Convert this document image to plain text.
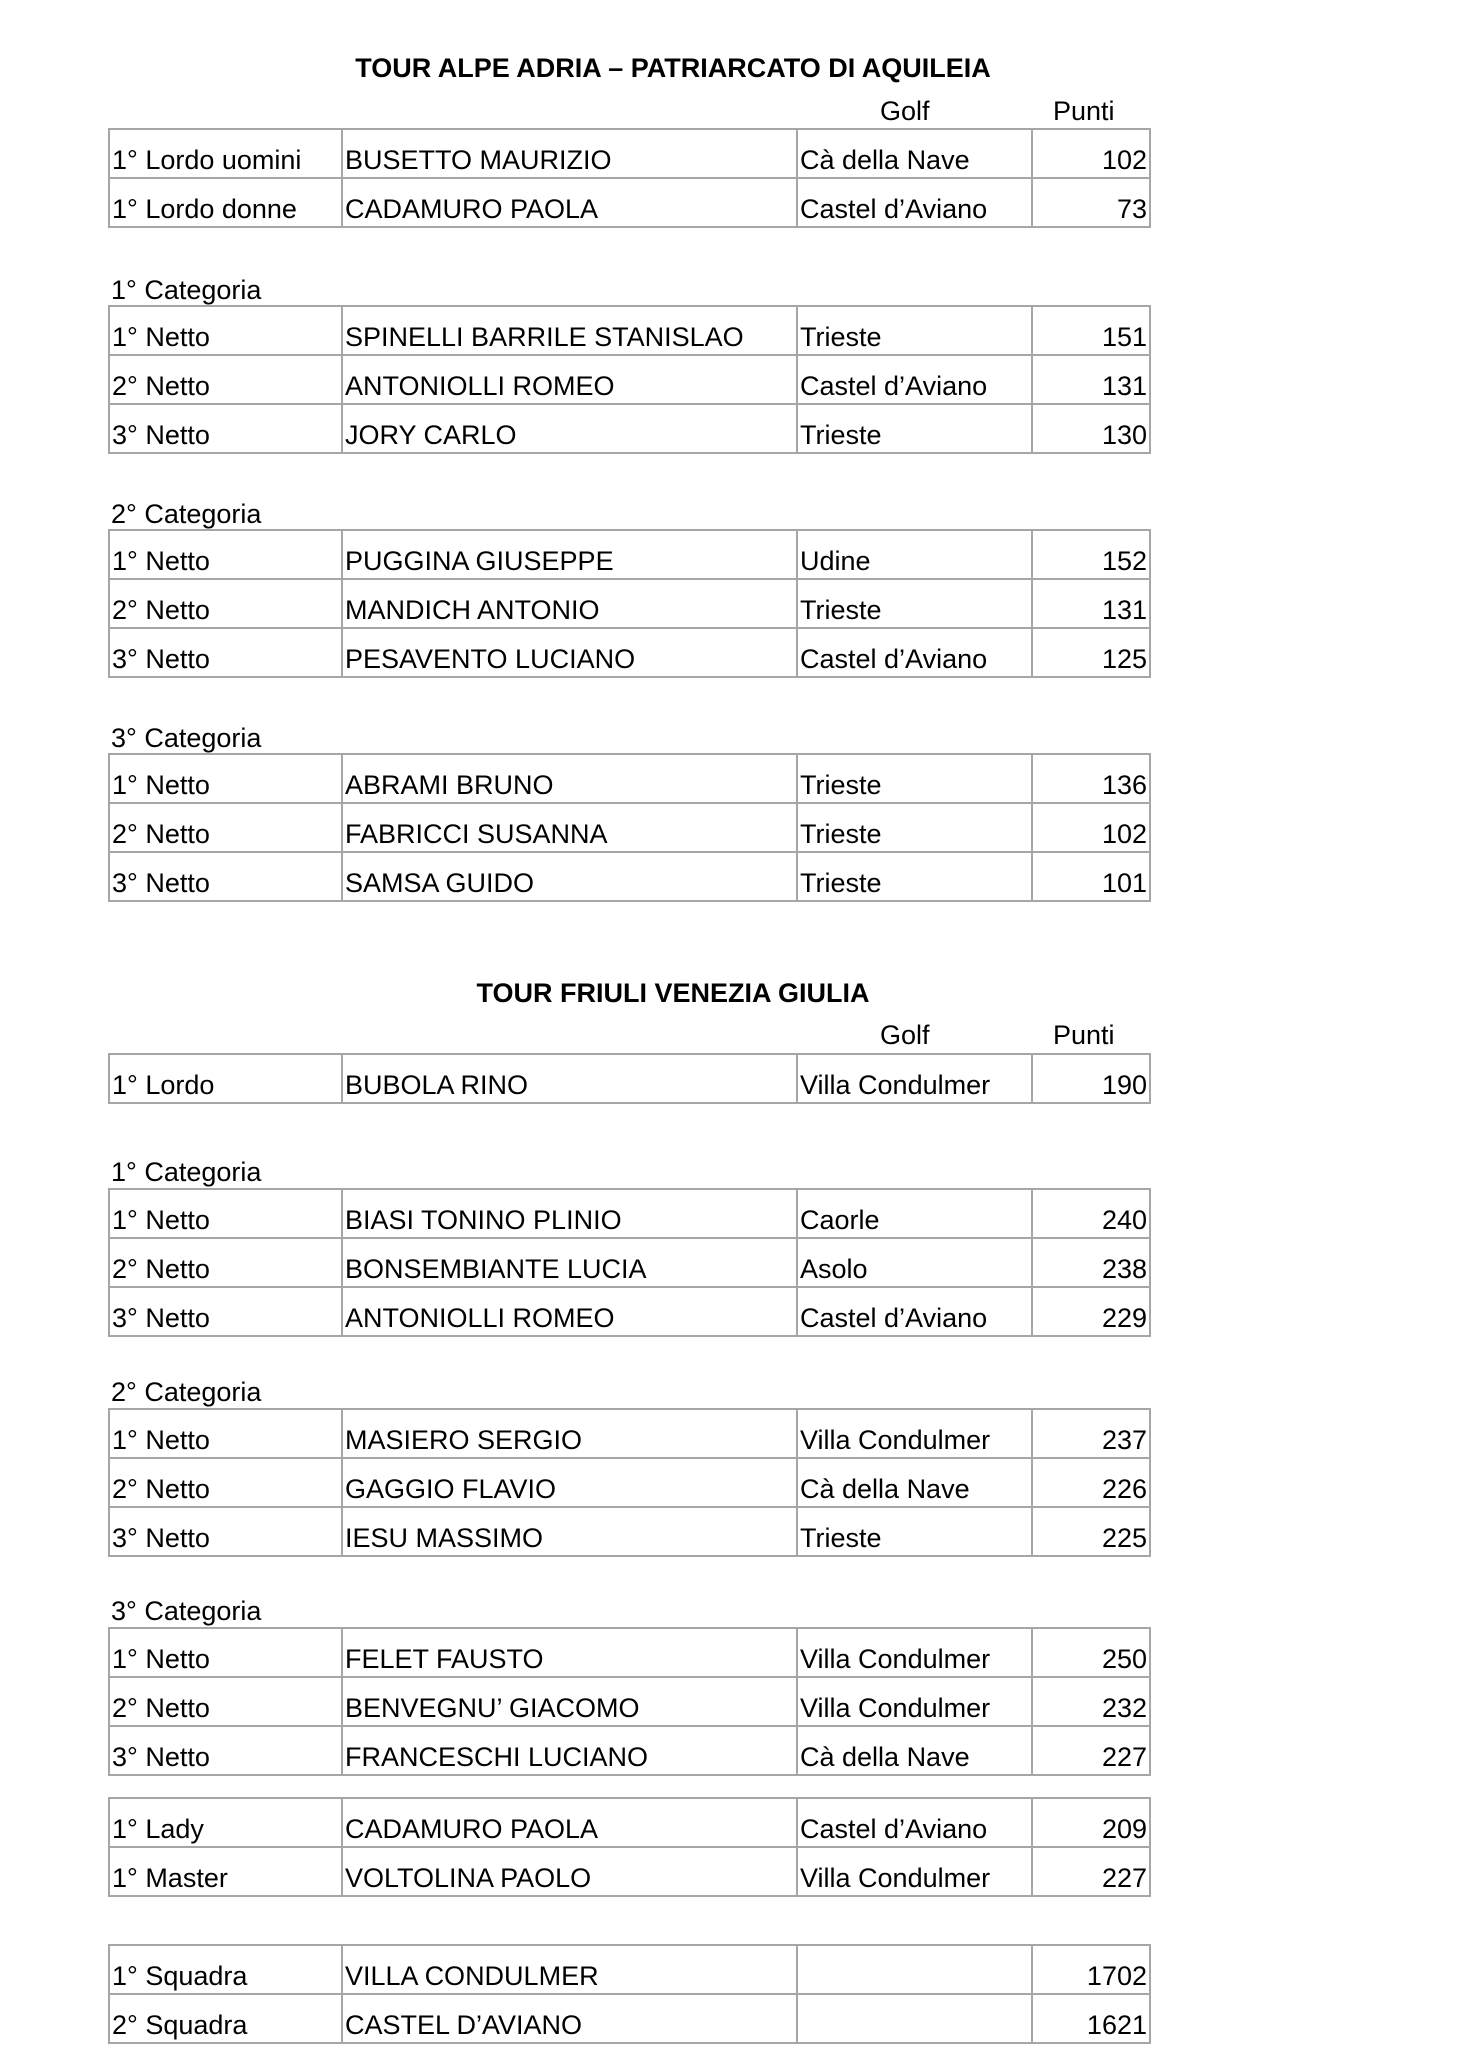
TOUR ALPE ADRIA – PATRIARCATO DI AQUILEIA
Golf	Punti
1° Lordo uomini	BUSETTO MAURIZIO	Cà della Nave	102
1° Lordo donne	CADAMURO PAOLA	Castel d’Aviano	73
1° Categoria
1° Netto	SPINELLI BARRILE STANISLAO	Trieste	151
2° Netto	ANTONIOLLI ROMEO	Castel d’Aviano	131
3° Netto	JORY CARLO	Trieste	130
2° Categoria
1° Netto	PUGGINA GIUSEPPE	Udine	152
2° Netto	MANDICH ANTONIO	Trieste	131
3° Netto	PESAVENTO LUCIANO	Castel d’Aviano	125
3° Categoria
1° Netto	ABRAMI BRUNO	Trieste	136
2° Netto	FABRICCI SUSANNA	Trieste	102
3° Netto	SAMSA GUIDO	Trieste	101
TOUR FRIULI VENEZIA GIULIA
Golf	Punti
1° Lordo	BUBOLA RINO	Villa Condulmer	190
1° Categoria
1° Netto	BIASI TONINO PLINIO	Caorle	240
2° Netto	BONSEMBIANTE LUCIA	Asolo	238
3° Netto	ANTONIOLLI ROMEO	Castel d’Aviano	229
2° Categoria
1° Netto	MASIERO SERGIO	Villa Condulmer	237
2° Netto	GAGGIO FLAVIO	Cà della Nave	226
3° Netto	IESU MASSIMO	Trieste	225
3° Categoria
1° Netto	FELET FAUSTO	Villa Condulmer	250
2° Netto	BENVEGNU’ GIACOMO	Villa Condulmer	232
3° Netto	FRANCESCHI LUCIANO	Cà della Nave	227
1° Lady	CADAMURO PAOLA	Castel d’Aviano	209
1° Master	VOLTOLINA PAOLO	Villa Condulmer	227
1° Squadra	VILLA CONDULMER		1702
2° Squadra	CASTEL D’AVIANO		1621
